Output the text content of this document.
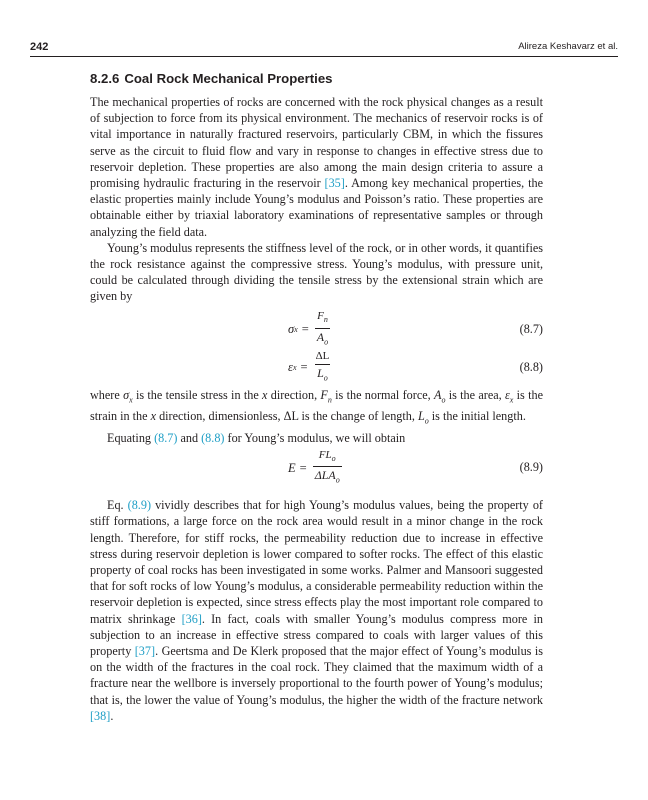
242	Alireza Keshavarz et al.
8.2.6 Coal Rock Mechanical Properties

The mechanical properties of rocks are concerned with the rock physical changes as a result of subjection to force from its physical environment. The mechanics of reservoir rocks is of vital importance in naturally fractured reservoirs, particularly CBM, in which the fissures serve as the circuit to fluid flow and vary in response to changes in effective stress due to reservoir depletion. These properties are also among the main design criteria to assure a promising hydraulic fracturing in the reservoir [35]. Among key mechanical properties, the elastic properties mainly include Young’s modulus and Poisson’s ratio. These properties are obtainable either by triaxial laboratory examinations of representative samples or through analyzing the field data.

Young’s modulus represents the stiffness level of the rock, or in other words, it quantifies the rock resistance against the compressive stress. Young’s modulus, with pressure unit, could be calculated through dividing the tensile stress by the extensional strain which are given by

σ $x = \frac{F_n}{A_o}$	(8.7)
ε $x = \frac{\Delta L}{L_o}$	(8.8)

where $\sigma_x$ is the tensile stress in the x direction, $F_n$ is the normal force, $A_o$ is the area, $\varepsilon_x$ is the strain in the x direction, dimensionless, ΔL is the change of length, $L_o$ is the initial length.

Equating (8.7) and (8.8) for Young’s modulus, we will obtain

$E = \frac{FL_o}{\Delta LA_o}$	(8.9)

Eq. (8.9) vividly describes that for high Young’s modulus values, being the property of stiff formations, a large force on the rock area would result in a minor change in the rock length. Therefore, for stiff rocks, the permeability reduction due to increase in effective stress during reservoir depletion is lower compared to softer rocks. The effect of this elastic property of coal rocks has been investigated in some works. Palmer and Mansoori suggested that for soft rocks of low Young’s modulus, a considerable permeability reduction within the reservoir depletion is expected, since stress effects play the most important role compared to matrix shrinkage [36]. In fact, coals with smaller Young’s modulus compress more in subjection to an increase in effective stress compared to coals with larger values of this property [37]. Geertsma and De Klerk proposed that the major effect of Young’s modulus is on the width of the fractures in the coal rock. They claimed that the maximum width of a fracture near the wellbore is inversely proportional to the fourth power of Young’s modulus; that is, the lower the value of Young’s modulus, the higher the width of the fracture network [38].
